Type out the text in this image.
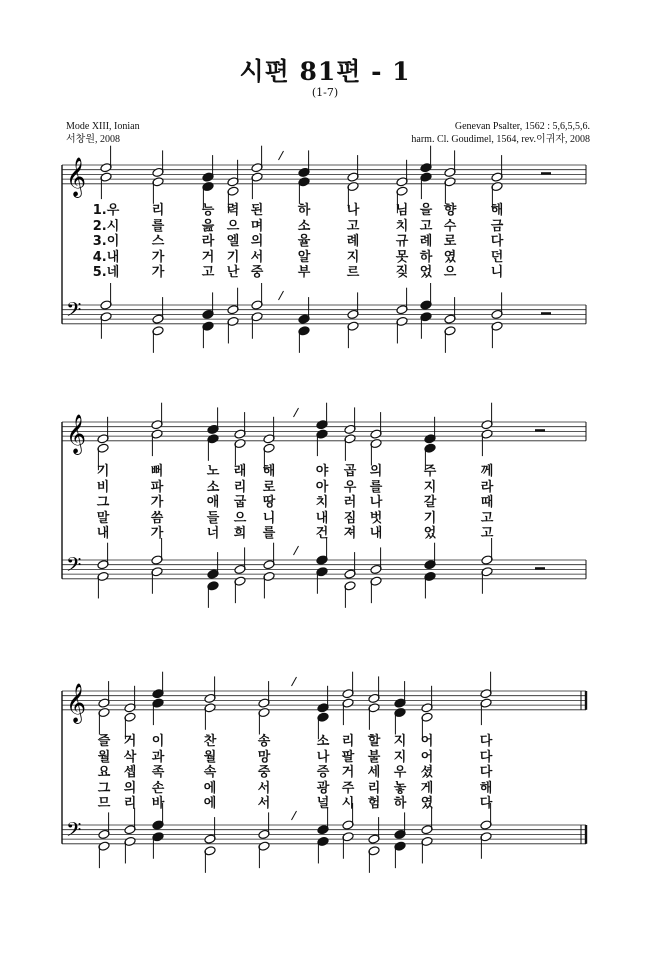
시편 81편 - 1
(1-7)
Mode XIII, Ionian
서창원, 2008
Genevan Psalter, 1562 : 5,6,5,5,6.
harm. Cl. Goudimel, 1564, rev.이귀자, 2008
𝄞
𝄢
𝄞
𝄢
𝄞
𝄢
1.우 리	능 력 된	하	나	님 을 향	해
2.시 를	읊 으 며	소	고	치 고 수	금
3.이 스	라 엘 의	율	례	규 례 로	다
4.내 가	거 기 서	알	지	못 하 였	던
5.네 가	고 난 중	부	르	짖 었 으	니
기	뻐	노 래 해	야 곱 의	주	께
비	파	소 리 로	아 우 를	지	라
그	가	애 굽 땅	치 러 나	갈	때
말	씀	들 으 니	내 짐 벗	기	고
내	가	너 희 를	건 져 내	었	고
즐 거 이	찬	송	소 리 할 지 어	다
월 삭 과	월	망	나 팔 불 지 어	다
요 셉 족	속	중	증 거 세 우 셨	다
그 의 손	에	서	광 주 리 놓 게	해
므 리 바	에	서	널 시 험 하 였	다
